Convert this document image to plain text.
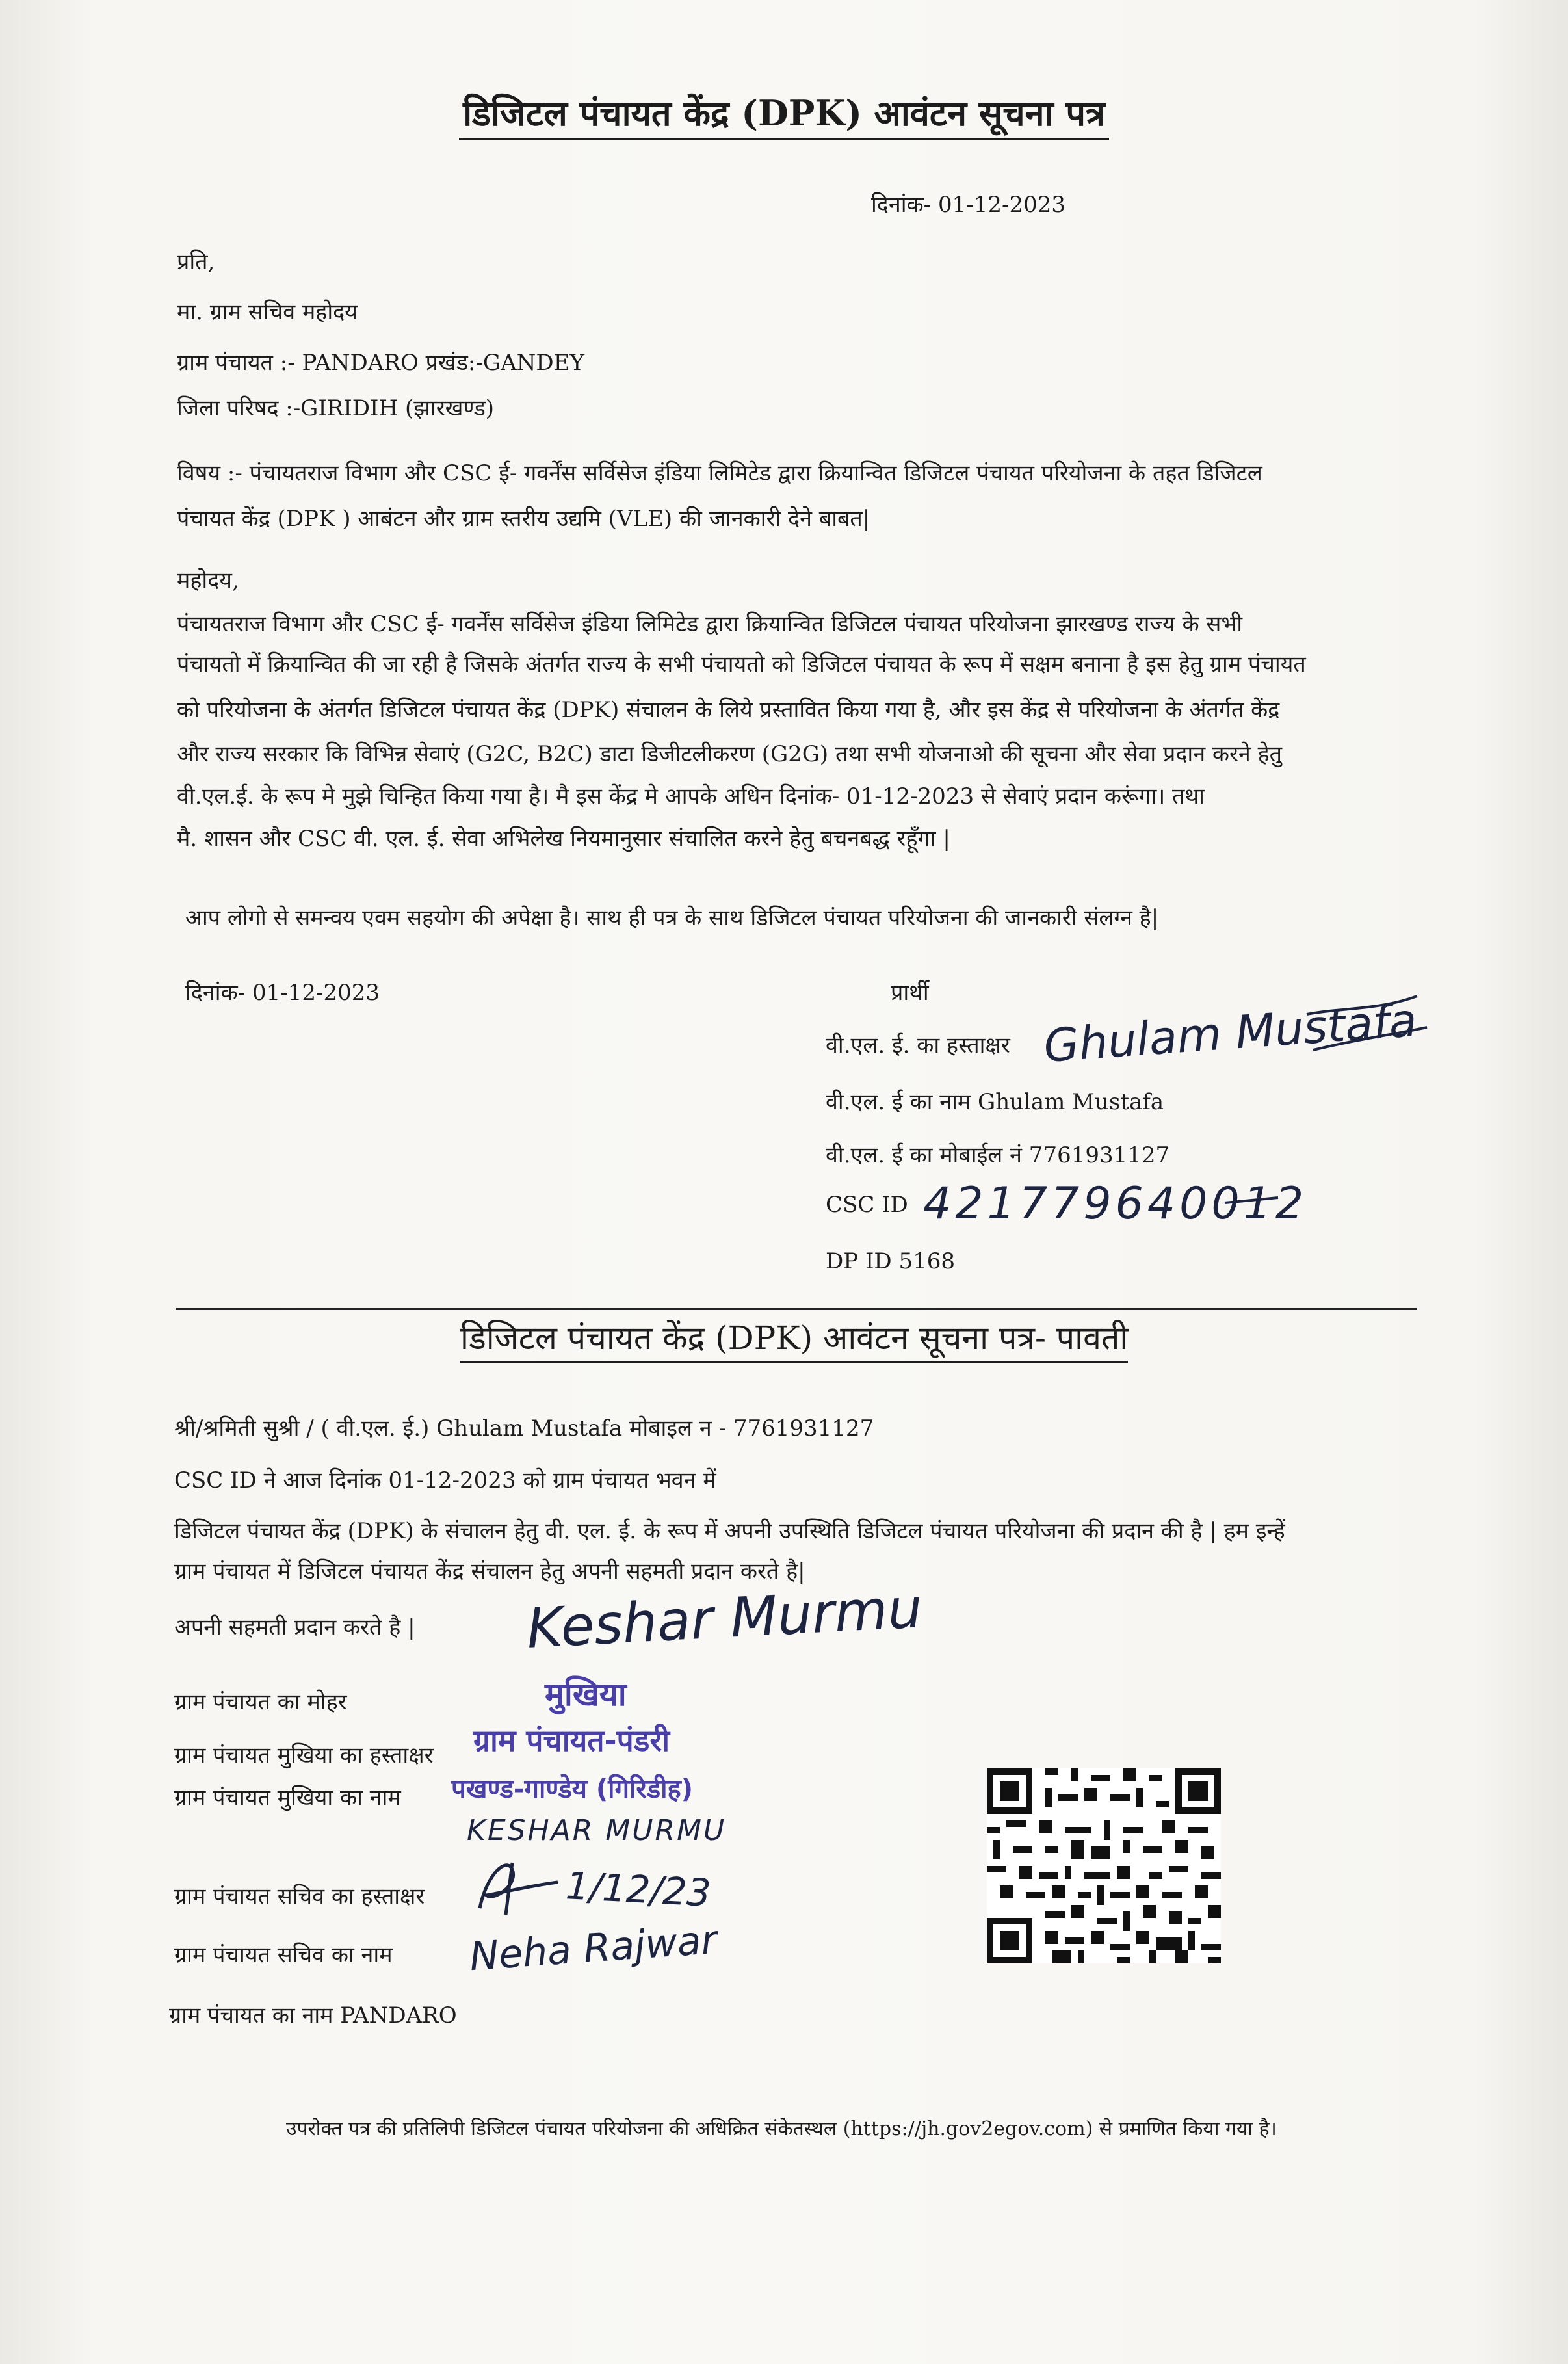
डिजिटल पंचायत केंद्र (DPK) आवंटन सूचना पत्र
दिनांक- 01-12-2023
प्रति,
मा. ग्राम सचिव महोदय
ग्राम पंचायत :- PANDARO प्रखंड:-GANDEY
जिला परिषद :-GIRIDIH (झारखण्ड)
विषय :- पंचायतराज विभाग और CSC ई- गवर्नेंस सर्विसेज इंडिया लिमिटेड द्वारा क्रियान्वित डिजिटल पंचायत परियोजना के तहत डिजिटल
पंचायत केंद्र (DPK ) आबंटन और ग्राम स्तरीय उद्यमि (VLE) की जानकारी देने बाबत|
महोदय,
पंचायतराज विभाग और CSC ई- गवर्नेंस सर्विसेज इंडिया लिमिटेड द्वारा क्रियान्वित डिजिटल पंचायत परियोजना झारखण्ड राज्य के सभी
पंचायतो में क्रियान्वित की जा रही है जिसके अंतर्गत राज्य के सभी पंचायतो को डिजिटल पंचायत के रूप में सक्षम बनाना है इस हेतु ग्राम पंचायत
को परियोजना के अंतर्गत डिजिटल पंचायत केंद्र (DPK) संचालन के लिये प्रस्तावित किया गया है, और इस केंद्र से परियोजना के अंतर्गत केंद्र
और राज्य सरकार कि विभिन्न सेवाएं (G2C, B2C) डाटा डिजीटलीकरण (G2G) तथा सभी योजनाओ की सूचना और सेवा प्रदान करने हेतु
वी.एल.ई. के रूप मे मुझे चिन्हित किया गया है। मै इस केंद्र मे आपके अधिन दिनांक- 01-12-2023 से सेवाएं प्रदान करूंगा। तथा
मै. शासन और CSC वी. एल. ई. सेवा अभिलेख नियमानुसार संचालित करने हेतु बचनबद्ध रहूँगा |
आप लोगो से समन्वय एवम सहयोग की अपेक्षा है। साथ ही पत्र के साथ डिजिटल पंचायत परियोजना की जानकारी संलग्न है|
दिनांक- 01-12-2023	प्रार्थी
वी.एल. ई. का हस्ताक्षर Ghulam Mustafa
वी.एल. ई का नाम Ghulam Mustafa
वी.एल. ई का मोबाईल नं 7761931127
CSC ID 421779640012
DP ID 5168
डिजिटल पंचायत केंद्र (DPK) आवंटन सूचना पत्र- पावती
श्री/श्रमिती सुश्री / ( वी.एल. ई.) Ghulam Mustafa मोबाइल न - 7761931127
CSC ID ने आज दिनांक 01-12-2023 को ग्राम पंचायत भवन में
डिजिटल पंचायत केंद्र (DPK) के संचालन हेतु वी. एल. ई. के रूप में अपनी उपस्थिति डिजिटल पंचायत परियोजना की प्रदान की है | हम इन्हें
ग्राम पंचायत में डिजिटल पंचायत केंद्र संचालन हेतु अपनी सहमती प्रदान करते है|
अपनी सहमती प्रदान करते है | Keshar Murmu
ग्राम पंचायत का मोहर	मुखिया
ग्राम पंचायत-पंडरी
पखण्ड-गाण्डेय (गिरिडीह)
ग्राम पंचायत मुखिया का हस्ताक्षर
ग्राम पंचायत मुखिया का नाम
KESHAR MURMU
ग्राम पंचायत सचिव का हस्ताक्षर	1/12/23
ग्राम पंचायत सचिव का नाम Neha Rajwar
ग्राम पंचायत का नाम PANDARO
उपरोक्त पत्र की प्रतिलिपी डिजिटल पंचायत परियोजना की अधिक्रित संकेतस्थल (https://jh.gov2egov.com) से प्रमाणित किया गया है।
